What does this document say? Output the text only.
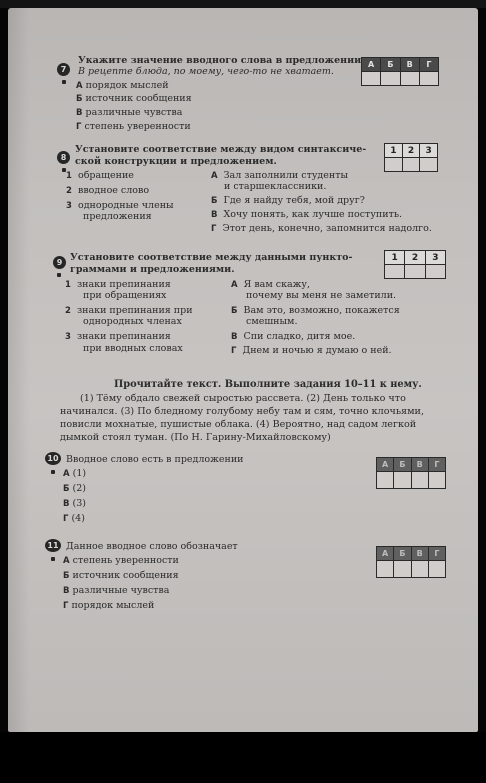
7
Укажите значение вводного слова в предложении
В рецепте блюда, по моему, чего-то не хватает.
А порядок мыслей
Б источник сообщения
В различные чувства
Г степень уверенности
А	Б	В	Г
8
Установите соответствие между видом синтаксиче-
ской конструкции и предложением.
1 обращение
2 вводное слово
3 однородные члены
предложения
А Зал заполнили студенты
и старшеклассники.
Б Где я найду тебя, мой друг?
В Хочу понять, как лучше поступить.
Г Этот день, конечно, запомнится надолго.
1	2	3
9 Установите соответствие между данными пункто-
граммами и предложениями.
1 знаки препинания
при обращениях
2 знаки препинания при
однородных членах
3 знаки препинания
при вводных словах
А Я вам скажу,
почему вы меня не заметили.
Б Вам это, возможно, покажется
смешным.
В Спи сладко, дитя мое.
Г Днем и ночью я думаю о ней.
1	2	3
Прочитайте текст. Выполните задания 10–11 к нему.
(1) Тёму обдало свежей сыростью рассвета. (2) День только что
начинался. (3) По бледному голубому небу там и сям, точно клочьями,
повисли мохнатые, пушистые облака. (4) Вероятно, над садом легкой
дымкой стоял туман. (По Н. Гарину-Михайловскому)
10 Вводное слово есть в предложении
А (1)
Б (2)
В (3)
Г (4)
А	Б	В	Г
11 Данное вводное слово обозначает
А степень уверенности
Б источник сообщения
В различные чувства
Г порядок мыслей
А	Б	В	Г
